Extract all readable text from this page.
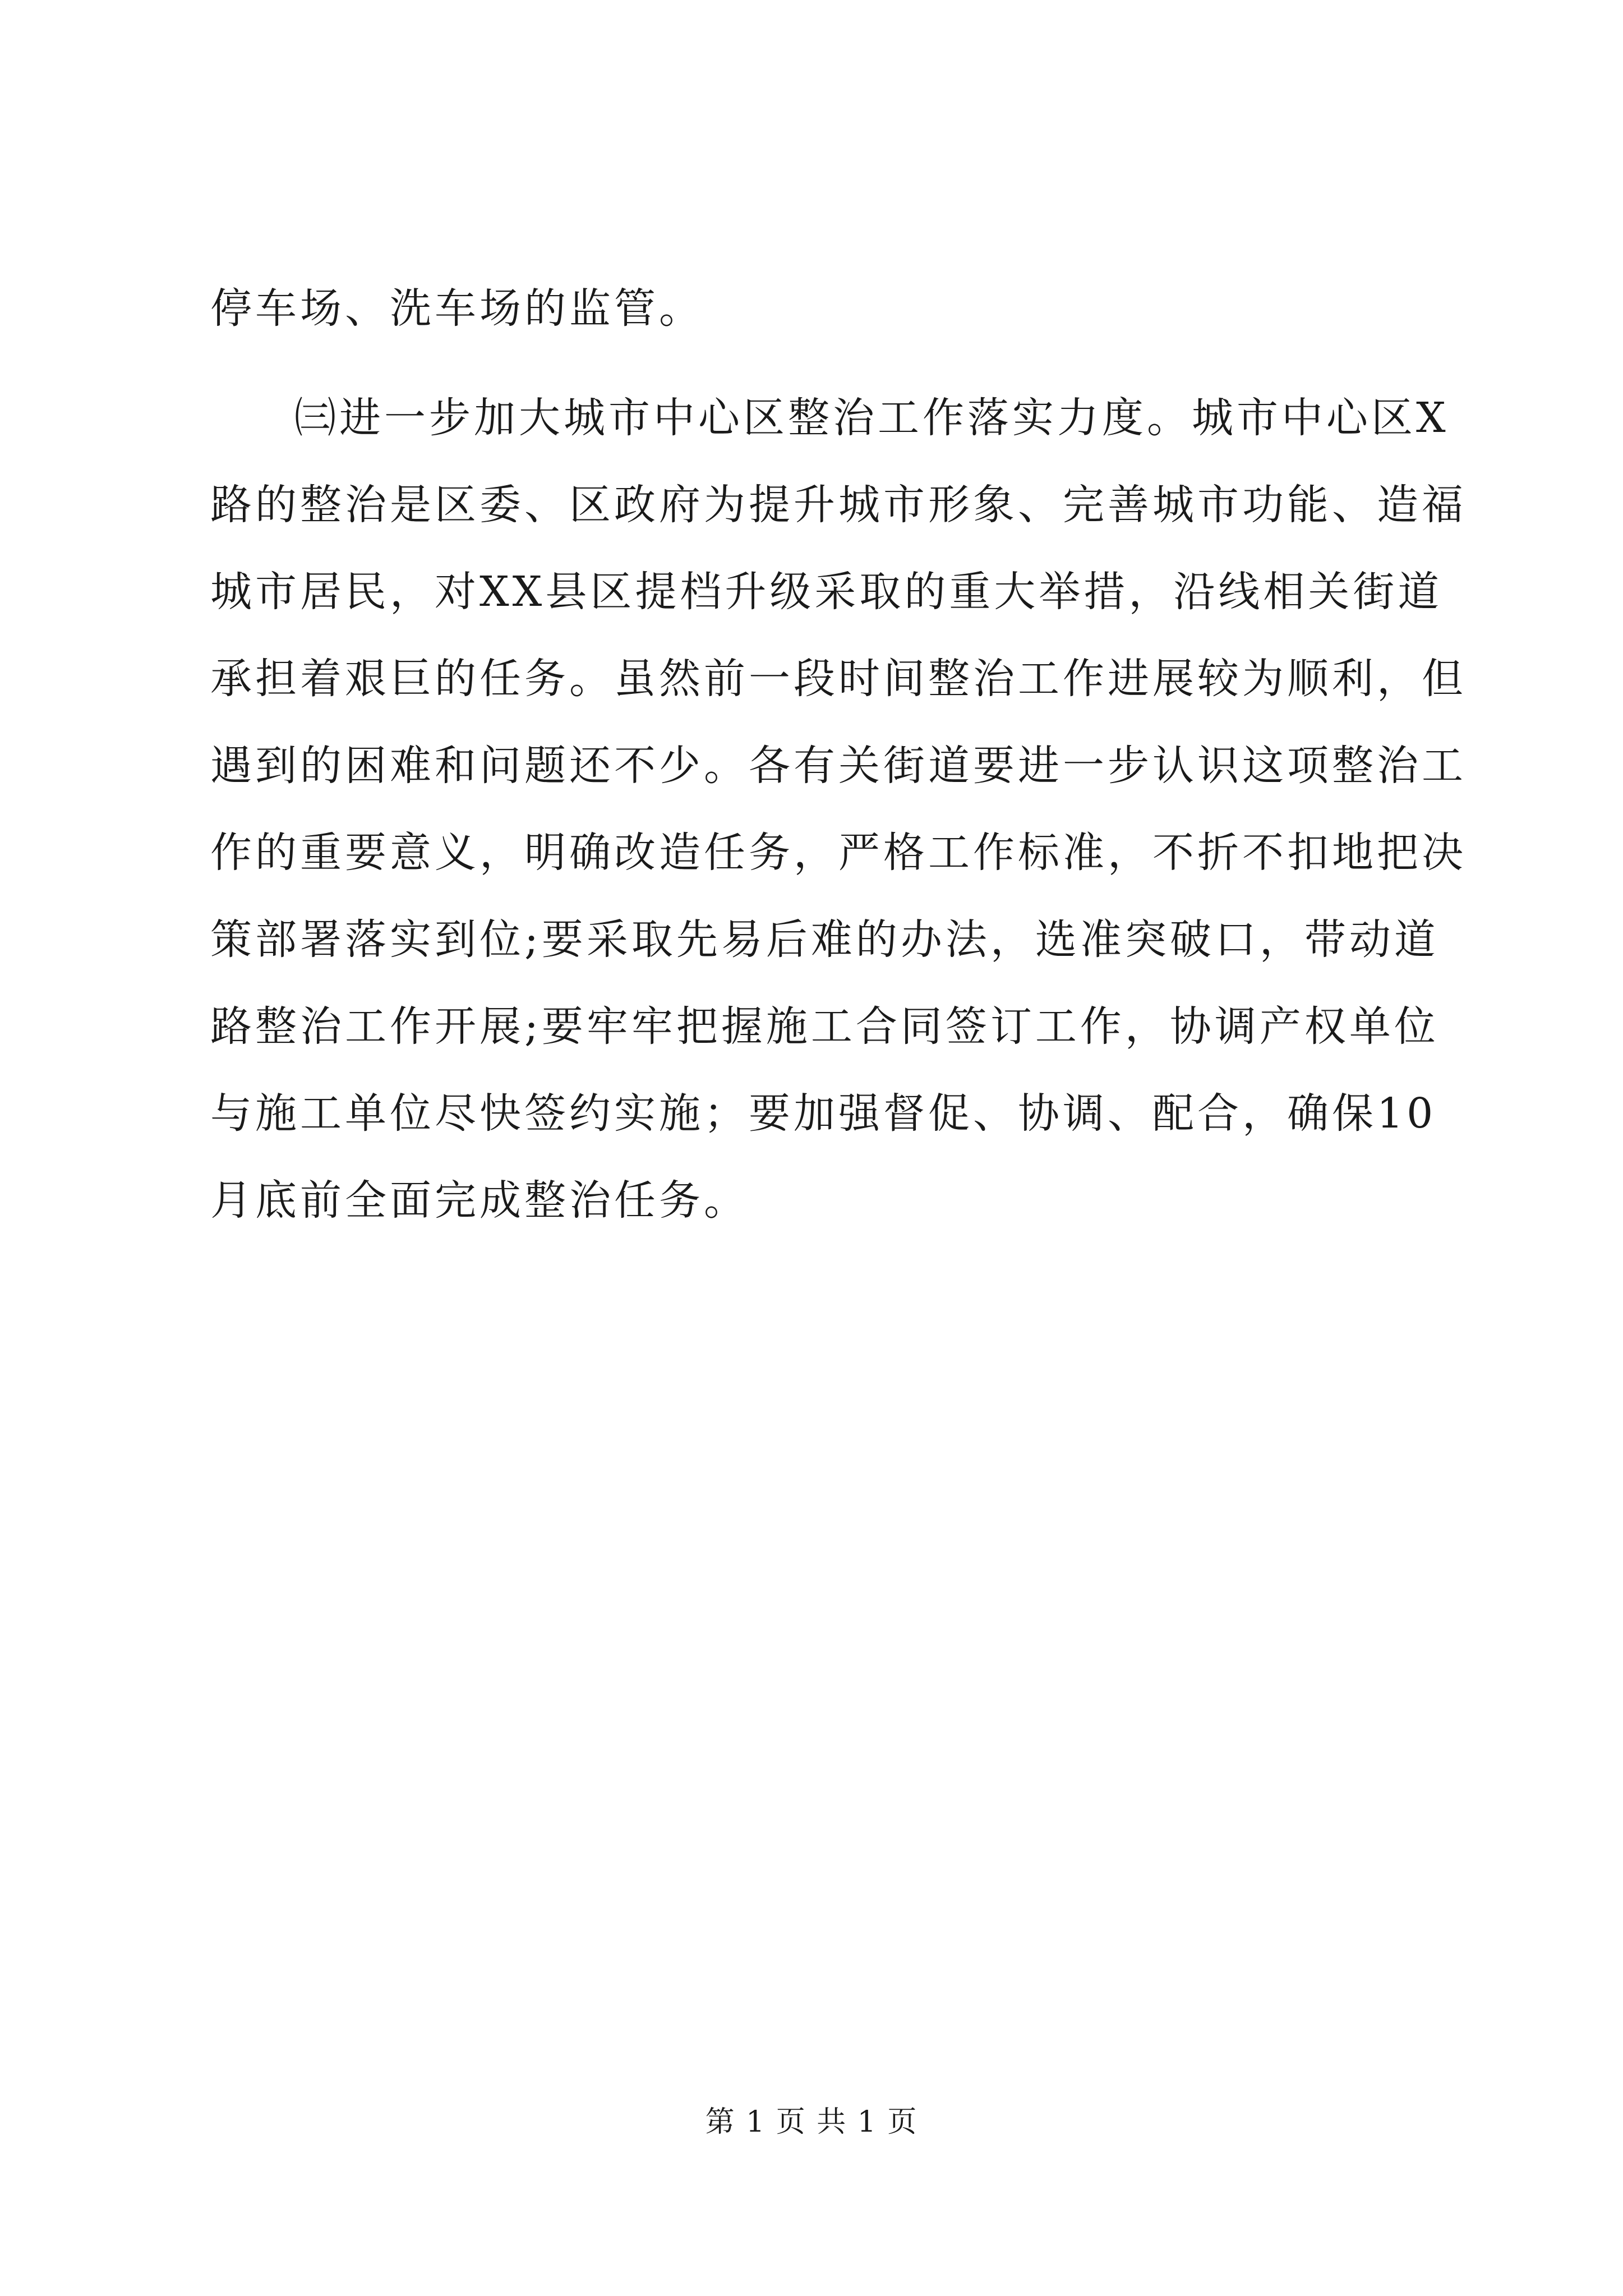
停车场、洗车场的监管。
㈢进一步加大城市中心区整治工作落实力度。城市中心区X
路的整治是区委、区政府为提升城市形象、完善城市功能、造福
城市居民，对XX县区提档升级采取的重大举措，沿线相关街道
承担着艰巨的任务。虽然前一段时间整治工作进展较为顺利，但
遇到的困难和问题还不少。各有关街道要进一步认识这项整治工
作的重要意义，明确改造任务，严格工作标准，不折不扣地把决
策部署落实到位;要采取先易后难的办法，选准突破口，带动道
路整治工作开展;要牢牢把握施工合同签订工作，协调产权单位
与施工单位尽快签约实施；要加强督促、协调、配合，确保10
月底前全面完成整治任务。
第 1 页 共 1 页
